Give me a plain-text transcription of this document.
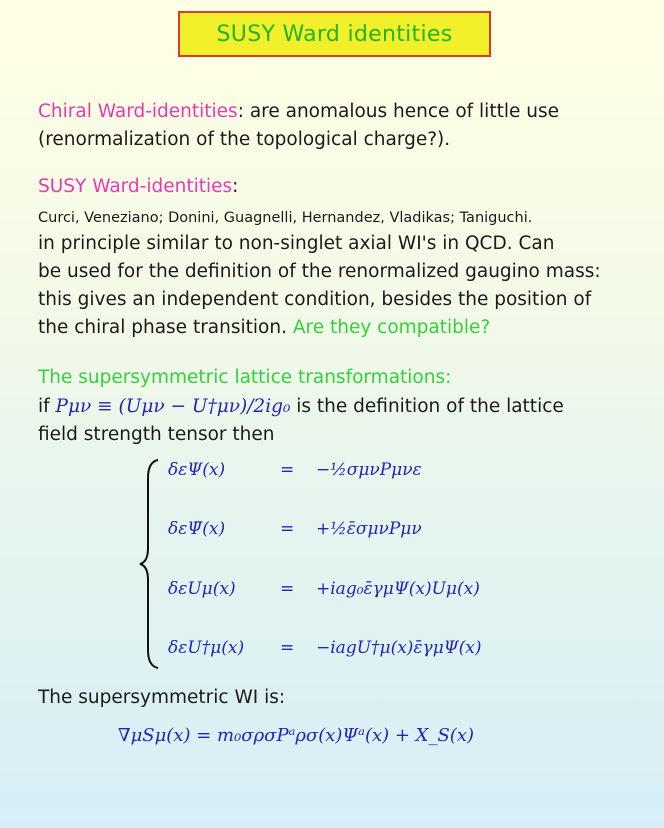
SUSY Ward identities
Chiral Ward-identities: are anomalous hence of little use
(renormalization of the topological charge?).
SUSY Ward-identities:
Curci, Veneziano; Donini, Guagnelli, Hernandez, Vladikas; Taniguchi.
in principle similar to non-singlet axial WI's in QCD. Can
be used for the definition of the renormalized gaugino mass:
this gives an independent condition, besides the position of
the chiral phase transition. Are they compatible?
The supersymmetric lattice transformations:
if Pμν ≡ (Uμν − U†μν)/2ig₀ is the definition of the lattice
field strength tensor then
δεΨ(x)	= −½σμνPμνε
δεΨ̄(x)	= +½ε̄σμνPμν
δεUμ(x)	= +iag₀ε̄γμΨ(x)Uμ(x)
δεU†μ(x)	= −iagU†μ(x)ε̄γμΨ(x)
The supersymmetric WI is:
∇μSμ(x) = m₀σρσPᵃρσ(x)Ψᵃ(x) + X_S(x)
